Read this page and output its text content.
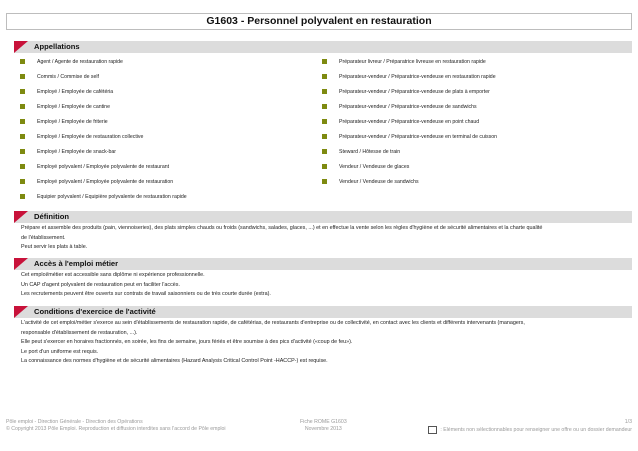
G1603 - Personnel polyvalent en restauration
Appellations
Agent / Agente de restauration rapide
Commis / Commise de self
Employé / Employée de cafétéria
Employé / Employée de cantine
Employé / Employée de friterie
Employé / Employée de restauration collective
Employé / Employée de snack-bar
Employé polyvalent / Employée polyvalente de restaurant
Employé polyvalent / Employée polyvalente de restauration
Equipier polyvalent / Equipière polyvalente de restauration rapide
Préparateur livreur / Préparatrice livreuse en restauration rapide
Préparateur-vendeur / Préparatrice-vendeuse en restauration rapide
Préparateur-vendeur / Préparatrice-vendeuse de plats à emporter
Préparateur-vendeur / Préparatrice-vendeuse de sandwichs
Préparateur-vendeur / Préparatrice-vendeuse en point chaud
Préparateur-vendeur / Préparatrice-vendeuse en terminal de cuisson
Steward / Hôtesse de train
Vendeur / Vendeuse de glaces
Vendeur / Vendeuse de sandwichs
Définition
Prépare et assemble des produits (pain, viennoiseries), des plats simples chauds ou froids (sandwichs, salades, glaces, ...) et en effectue la vente selon les règles d'hygiène et de sécurité alimentaires et la charte qualité
de l'établissement.
Peut servir les plats à table.
Accès à l'emploi métier
Cet emploi/métier est accessible sans diplôme ni expérience professionnelle.
Un CAP d'agent polyvalent de restauration peut en faciliter l'accès.
Les recrutements peuvent être ouverts sur contrats de travail saisonniers ou de très courte durée (extra).
Conditions d'exercice de l'activité
L'activité de cet emploi/métier s'exerce au sein d'établissements de restauration rapide, de cafétérias, de restaurants d'entreprise ou de collectivité, en contact avec les clients et différents intervenants (managers,
responsable d'établissement de restauration, ...).
Elle peut s'exercer en horaires fractionnés, en soirée, les fins de semaine, jours fériés et être soumise à des pics d'activité («coup de feu»).
Le port d'un uniforme est requis.
La connaissance des normes d'hygiène et de sécurité alimentaires (Hazard Analysis Critical Control Point -HACCP-) est requise.
Pôle emploi - Direction Générale - Direction des Opérations
© Copyright 2013 Pôle Emploi. Reproduction et diffusion interdites sans l'accord de Pôle emploi
Fiche ROME G1603
Novembre 2013
1/3
: Eléments non sélectionnables pour renseigner une offre ou un dossier demandeur
